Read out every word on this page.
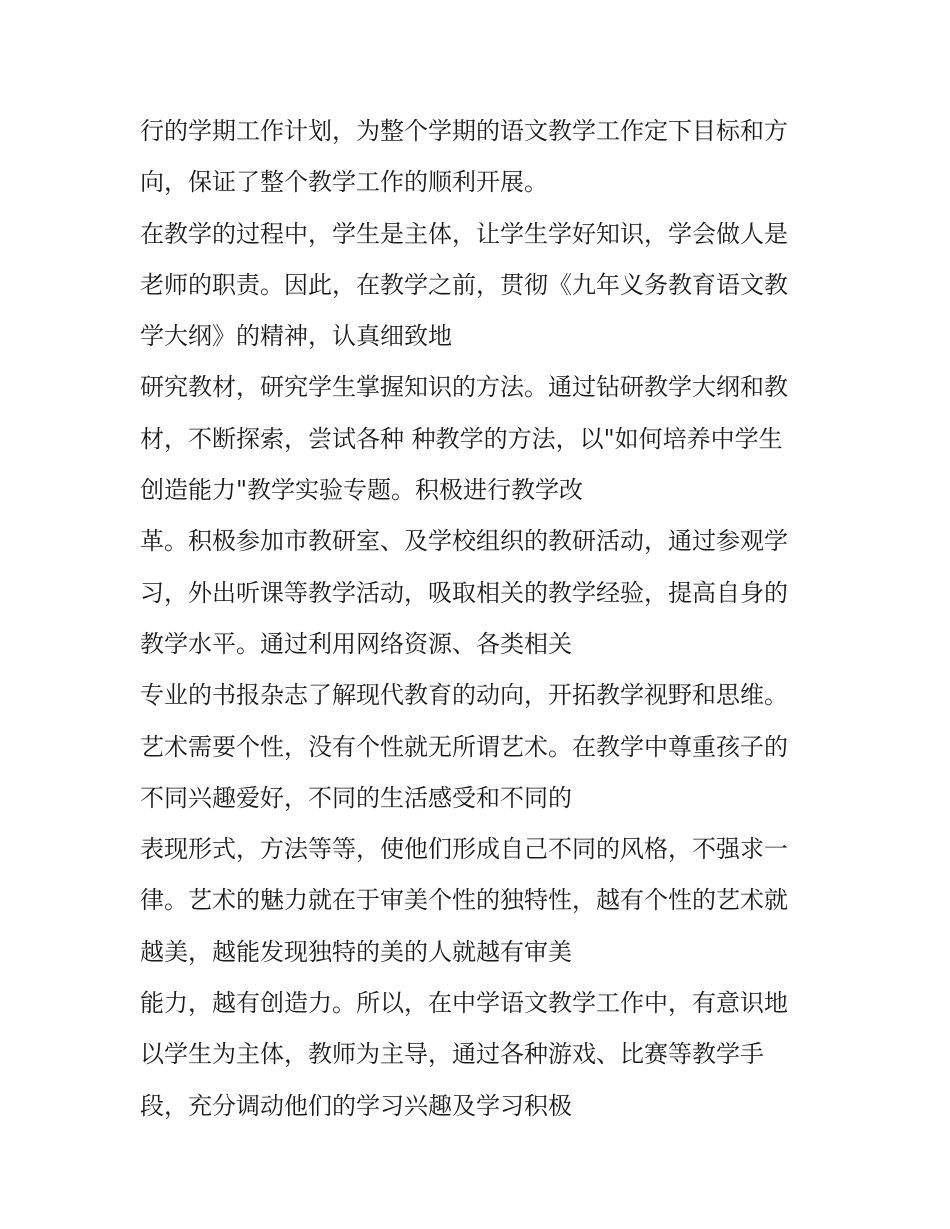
行的学期工作计划，为整个学期的语文教学工作定下目标和方
向，保证了整个教学工作的顺利开展。
在教学的过程中，学生是主体，让学生学好知识，学会做人是
老师的职责。因此，在教学之前，贯彻《九年义务教育语文教
学大纲》的精神，认真细致地
研究教材，研究学生掌握知识的方法。通过钻研教学大纲和教
材，不断探索，尝试各种 种教学的方法，以"如何培养中学生
创造能力"教学实验专题。积极进行教学改
革。积极参加市教研室、及学校组织的教研活动，通过参观学
习，外出听课等教学活动，吸取相关的教学经验，提高自身的
教学水平。通过利用网络资源、各类相关
专业的书报杂志了解现代教育的动向，开拓教学视野和思维。
艺术需要个性，没有个性就无所谓艺术。在教学中尊重孩子的
不同兴趣爱好，不同的生活感受和不同的
表现形式，方法等等，使他们形成自己不同的风格，不强求一
律。艺术的魅力就在于审美个性的独特性，越有个性的艺术就
越美，越能发现独特的美的人就越有审美
能力，越有创造力。所以，在中学语文教学工作中，有意识地
以学生为主体，教师为主导，通过各种游戏、比赛等教学手
段，充分调动他们的学习兴趣及学习积极
